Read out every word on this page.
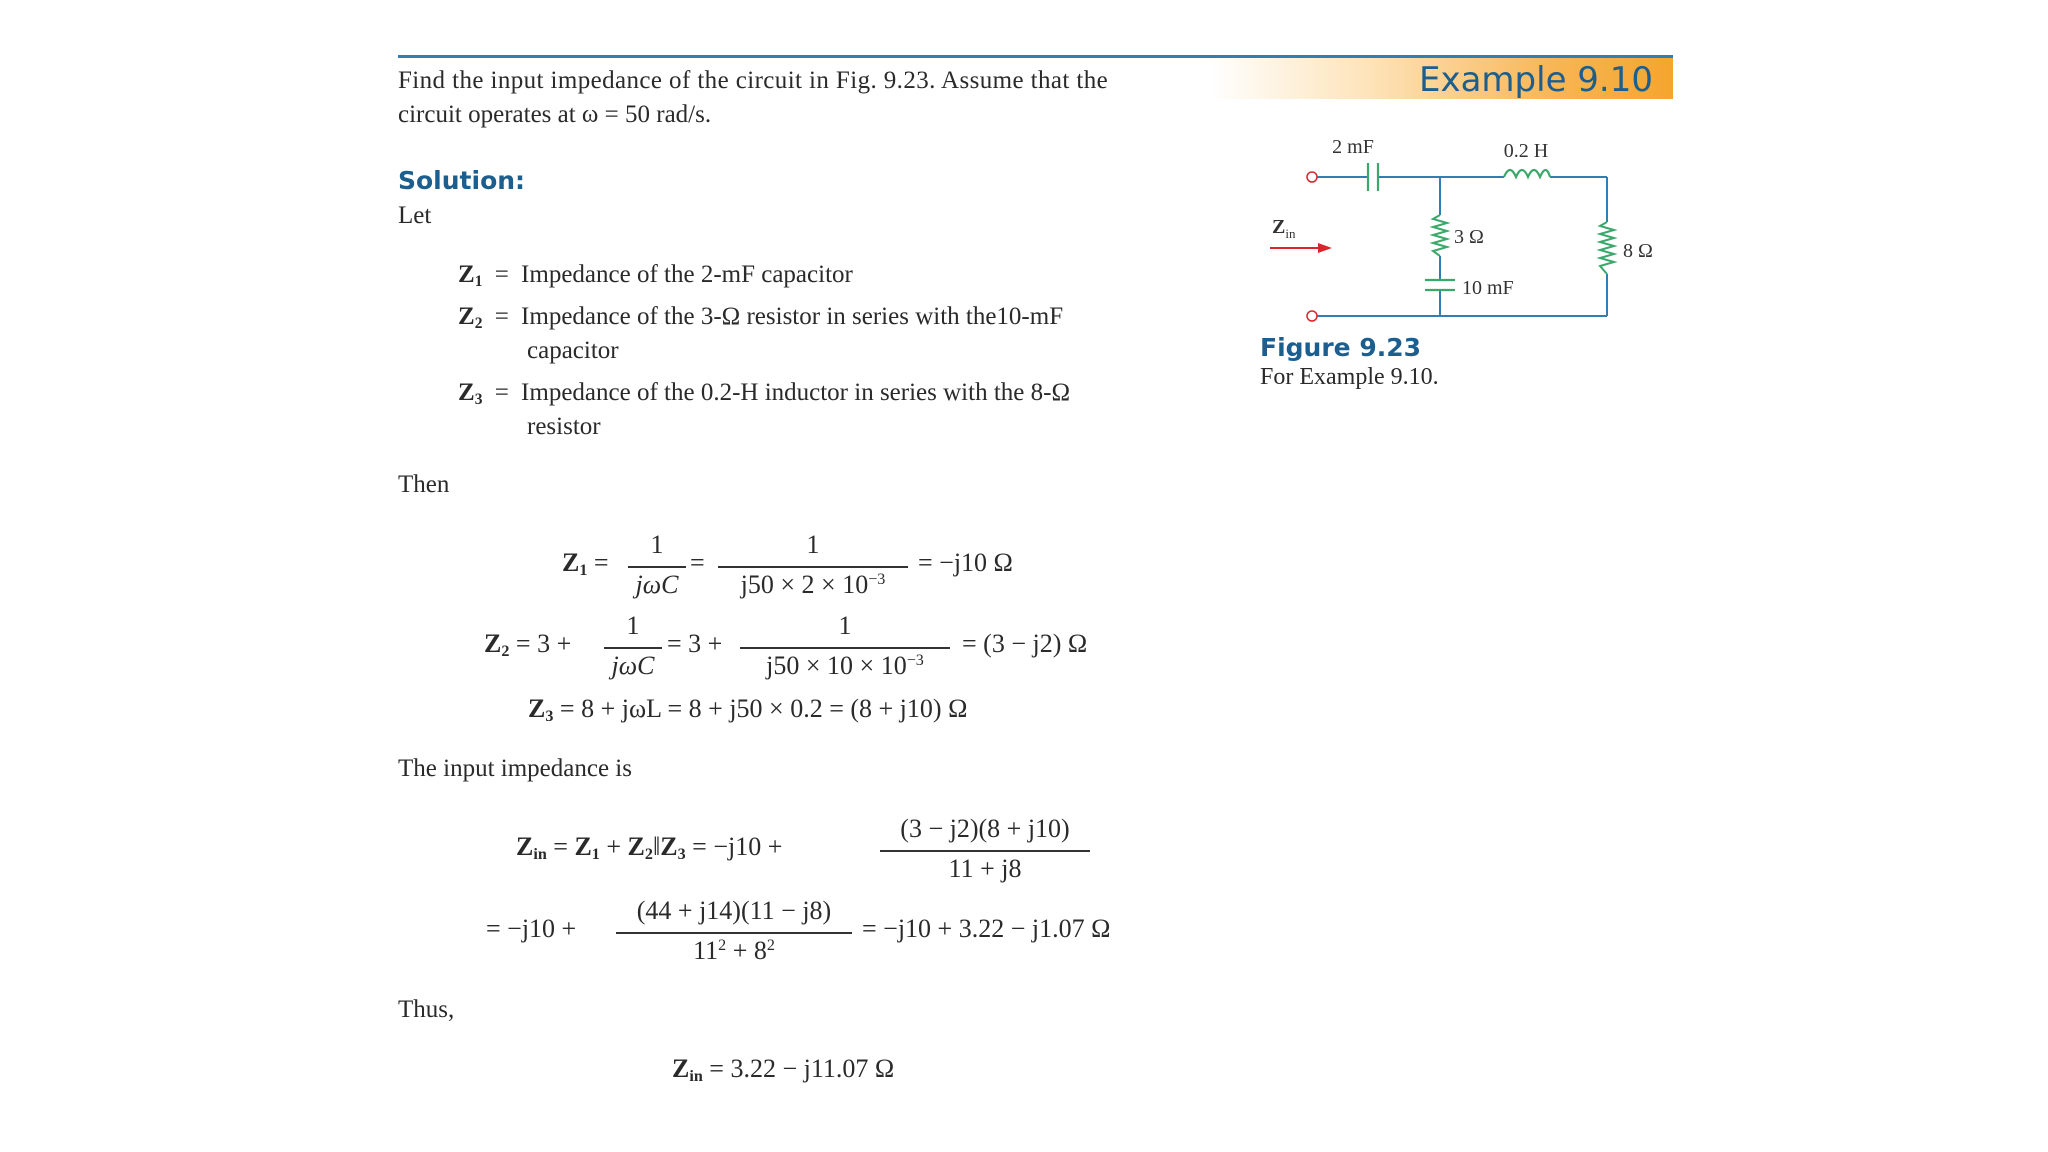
Example 9.10
Find the input impedance of the circuit in Fig. 9.23. Assume that the
circuit operates at ω = 50 rad/s.
Solution:
Let
$Z_1$ = Impedance of the 2-mF capacitor
$Z_2$ = Impedance of the 3-Ω resistor in series with the10-mF
capacitor
$Z_3$ = Impedance of the 0.2-H inductor in series with the 8-Ω
resistor
Then
$Z_1$ =
1
jωC
=
1
$j50 \times 2 \times 10^{-3}$
= −j10 Ω
$Z_2 = 3$ +
1
jωC
= 3 +
1
$j50 \times 10 \times 10^{-3}$
= (3 − j2) Ω
$Z_3 = 8 + j\omega L = 8 + j50 \times 0.2 = (8 + j10)$ Ω
The input impedance is
$Z_{in} = Z_1$ + $Z_2‖Z_3 = -j10$ +
(3 − j2)(8 + j10)
11 + j8
= −j10 +
(44 + j14)(11 − j8)
$11^2 + 8^2$
= −j10 + 3.22 − j1.07 Ω
Thus,
$Z_{in} = 3.22 - j11.07$ Ω
2 mF	0.2 H
3 Ω
10 mF
8 Ω
$Z_{in}$
Figure 9.23
For Example 9.10.
